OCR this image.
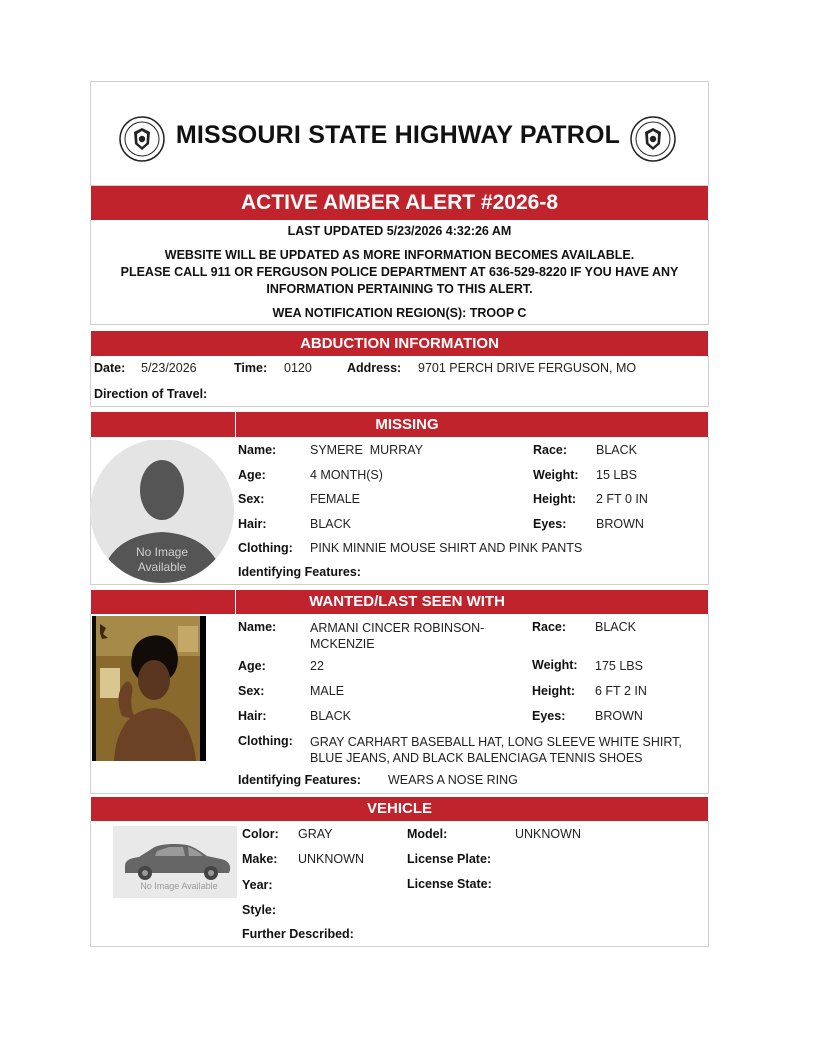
MISSOURI STATE HIGHWAY PATROL
ACTIVE AMBER ALERT #2026-8
LAST UPDATED 5/23/2026 4:32:26 AM
WEBSITE WILL BE UPDATED AS MORE INFORMATION BECOMES AVAILABLE.
PLEASE CALL 911 OR FERGUSON POLICE DEPARTMENT AT 636-529-8220 IF YOU HAVE ANY
INFORMATION PERTAINING TO THIS ALERT.
WEA NOTIFICATION REGION(S): TROOP C
ABDUCTION INFORMATION
Date: 5/23/2026	Time: 0120	Address: 9701 PERCH DRIVE FERGUSON, MO
Direction of Travel:
MISSING
No Image
Available
Name:	SYMERE  MURRAY	Race: BLACK
Age:	4 MONTH(S)	Weight: 15 LBS
Sex:	FEMALE	Height: 2 FT 0 IN
Hair:	BLACK	Eyes: BROWN
Clothing: PINK MINNIE MOUSE SHIRT AND PINK PANTS
Identifying Features:
WANTED/LAST SEEN WITH
Name:	ARMANI CINCER ROBINSON-MCKENZIE
Race: BLACK
Age:	22	Weight: 175 LBS
Sex:	MALE	Height: 6 FT 2 IN
Hair:	BLACK	Eyes: BROWN
Clothing: GRAY CARHART BASEBALL HAT, LONG SLEEVE WHITE SHIRT, BLUE JEANS, AND BLACK BALENCIAGA TENNIS SHOES
Identifying Features: WEARS A NOSE RING
VEHICLE
No Image Available
Color: GRAY	Model:	UNKNOWN
Make: UNKNOWN	License Plate:
Year:	License State:
Style:
Further Described:
